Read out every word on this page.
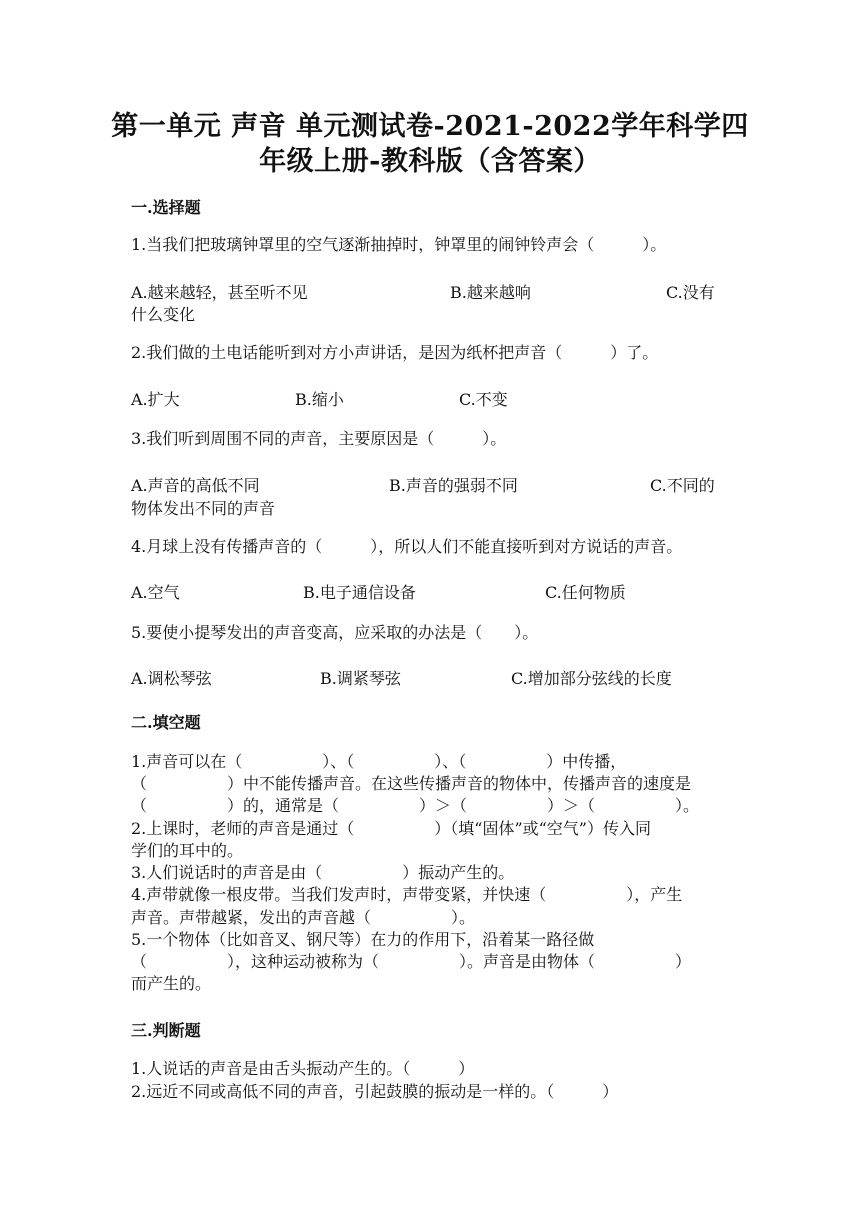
第一单元 声音 单元测试卷-2021-2022学年科学四
年级上册-教科版（含答案）
一.选择题
1.当我们把玻璃钟罩里的空气逐渐抽掉时，钟罩里的闹钟铃声会（　　　）。
A.越来越轻，甚至听不见	B.越来越响	C.没有
什么变化
2.我们做的土电话能听到对方小声讲话，是因为纸杯把声音（　　　）了。
A.扩大	B.缩小	C.不变
3.我们听到周围不同的声音，主要原因是（　　　）。
A.声音的高低不同	B.声音的强弱不同	C.不同的
物体发出不同的声音
4.月球上没有传播声音的（　　　），所以人们不能直接听到对方说话的声音。
A.空气	B.电子通信设备	C.任何物质
5.要使小提琴发出的声音变高，应采取的办法是（　　）。
A.调松琴弦	B.调紧琴弦	C.增加部分弦线的长度
二.填空题
1.声音可以在（　　　　　）、（　　　　　）、（　　　　　）中传播，
（　　　　　）中不能传播声音。在这些传播声音的物体中，传播声音的速度是
（　　　　　）的，通常是（　　　　　）＞（　　　　　）＞（　　　　　）。
2.上课时，老师的声音是通过（　　　　　）（填“固体”或“空气”）传入同
学们的耳中的。
3.人们说话时的声音是由（　　　　　）振动产生的。
4.声带就像一根皮带。当我们发声时，声带变紧，并快速（　　　　　），产生
声音。声带越紧，发出的声音越（　　　　　）。
5.一个物体（比如音叉、钢尺等）在力的作用下，沿着某一路径做
（　　　　　），这种运动被称为（　　　　　）。声音是由物体（　　　　　）
而产生的。
三.判断题
1.人说话的声音是由舌头振动产生的。（　　　）
2.远近不同或高低不同的声音，引起鼓膜的振动是一样的。（　　　）
